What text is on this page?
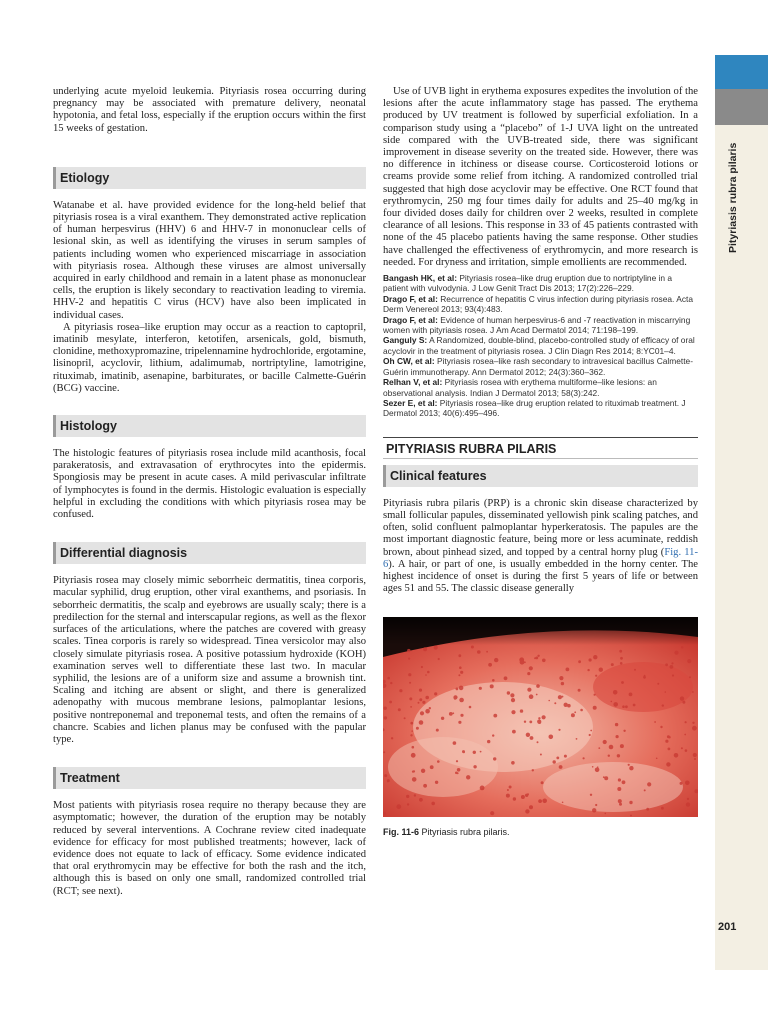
Pityriasis rubra pilaris
201

underlying acute myeloid leukemia. Pityriasis rosea occurring during pregnancy may be associated with premature delivery, neonatal hypotonia, and fetal loss, especially if the eruption occurs within the first 15 weeks of gestation.

Etiology

Watanabe et al. have provided evidence for the long-held belief that pityriasis rosea is a viral exanthem. They demonstrated active replication of human herpesvirus (HHV) 6 and HHV-7 in mononuclear cells of lesional skin, as well as identifying the viruses in serum samples of patients including women who experienced miscarriage in association with pityriasis rosea. Although these viruses are almost universally acquired in early childhood and remain in a latent phase as mononuclear cells, the eruption is likely secondary to reactivation leading to viremia. HHV-2 and hepatitis C virus (HCV) have also been implicated in individual cases.

A pityriasis rosea–like eruption may occur as a reaction to captopril, imatinib mesylate, interferon, ketotifen, arsenicals, gold, bismuth, clonidine, methoxypromazine, tripelennamine hydrochloride, ergotamine, lisinopril, acyclovir, lithium, adalimumab, nortriptyline, lamotrigine, rituximab, imatinib, asenapine, barbiturates, or bacille Calmette-Guérin (BCG) vaccine.

Histology

The histologic features of pityriasis rosea include mild acanthosis, focal parakeratosis, and extravasation of erythrocytes into the epidermis. Spongiosis may be present in acute cases. A mild perivascular infiltrate of lymphocytes is found in the dermis. Histologic evaluation is especially helpful in excluding the conditions with which pityriasis rosea may be confused.

Differential diagnosis

Pityriasis rosea may closely mimic seborrheic dermatitis, tinea corporis, macular syphilid, drug eruption, other viral exanthems, and psoriasis. In seborrheic dermatitis, the scalp and eyebrows are usually scaly; there is a predilection for the sternal and interscapular regions, as well as the flexor surfaces of the articulations, where the patches are covered with greasy scales. Tinea corporis is rarely so widespread. Tinea versicolor may also closely simulate pityriasis rosea. A positive potassium hydroxide (KOH) examination serves well to differentiate these last two. In macular syphilid, the lesions are of a uniform size and assume a brownish tint. Scaling and itching are absent or slight, and there is generalized adenopathy with mucous membrane lesions, palmoplantar lesions, positive nontreponemal and treponemal tests, and often the remains of a chancre. Scabies and lichen planus may be confused with the papular type.

Treatment

Most patients with pityriasis rosea require no therapy because they are asymptomatic; however, the duration of the eruption may be notably reduced by several interventions. A Cochrane review cited inadequate evidence for efficacy for most published treatments; however, lack of evidence does not equate to lack of efficacy. Some evidence indicated that oral erythromycin may be effective for both the rash and the itch, although this is based on only one small, randomized controlled trial (RCT; see next).

Use of UVB light in erythema exposures expedites the involution of the lesions after the acute inflammatory stage has passed. The erythema produced by UV treatment is followed by superficial exfoliation. In a comparison study using a “placebo” of 1-J UVA light on the untreated side compared with the UVB-treated side, there was significant improvement in disease severity on the treated side. However, there was no difference in itchiness or disease course. Corticosteroid lotions or creams provide some relief from itching. A randomized controlled trial suggested that high dose acyclovir may be effective. One RCT found that erythromycin, 250 mg four times daily for adults and 25–40 mg/kg in four divided doses daily for children over 2 weeks, resulted in complete clearance of all lesions. This response in 33 of 45 patients contrasted with none of the 45 placebo patients having the same response. Other studies have challenged the effectiveness of erythromycin, and more research is needed. For dryness and irritation, simple emollients are recommended.

Bangash HK, et al: Pityriasis rosea–like drug eruption due to nortriptyline in a patient with vulvodynia. J Low Genit Tract Dis 2013; 17(2):226–229.
Drago F, et al: Recurrence of hepatitis C virus infection during pityriasis rosea. Acta Derm Venereol 2013; 93(4):483.
Drago F, et al: Evidence of human herpesvirus-6 and -7 reactivation in miscarrying women with pityriasis rosea. J Am Acad Dermatol 2014; 71:198–199.
Ganguly S: A Randomized, double-blind, placebo-controlled study of efficacy of oral acyclovir in the treatment of pityriasis rosea. J Clin Diagn Res 2014; 8:YC01–4.
Oh CW, et al: Pityriasis rosea–like rash secondary to intravesical bacillus Calmette-Guérin immunotherapy. Ann Dermatol 2012; 24(3):360–362.
Relhan V, et al: Pityriasis rosea with erythema multiforme–like lesions: an observational analysis. Indian J Dermatol 2013; 58(3):242.
Sezer E, et al: Pityriasis rosea–like drug eruption related to rituximab treatment. J Dermatol 2013; 40(6):495–496.
PITYRIASIS RUBRA PILARIS
Clinical features

Pityriasis rubra pilaris (PRP) is a chronic skin disease characterized by small follicular papules, disseminated yellowish pink scaling patches, and often, solid confluent palmoplantar hyperkeratosis. The papules are the most important diagnostic feature, being more or less acuminate, reddish brown, about pinhead sized, and topped by a central horny plug (Fig. 11-6). A hair, or part of one, is usually embedded in the horny center. The highest incidence of onset is during the first 5 years of life or between ages 51 and 55. The classic disease generally

Fig. 11-6 Pityriasis rubra pilaris.
